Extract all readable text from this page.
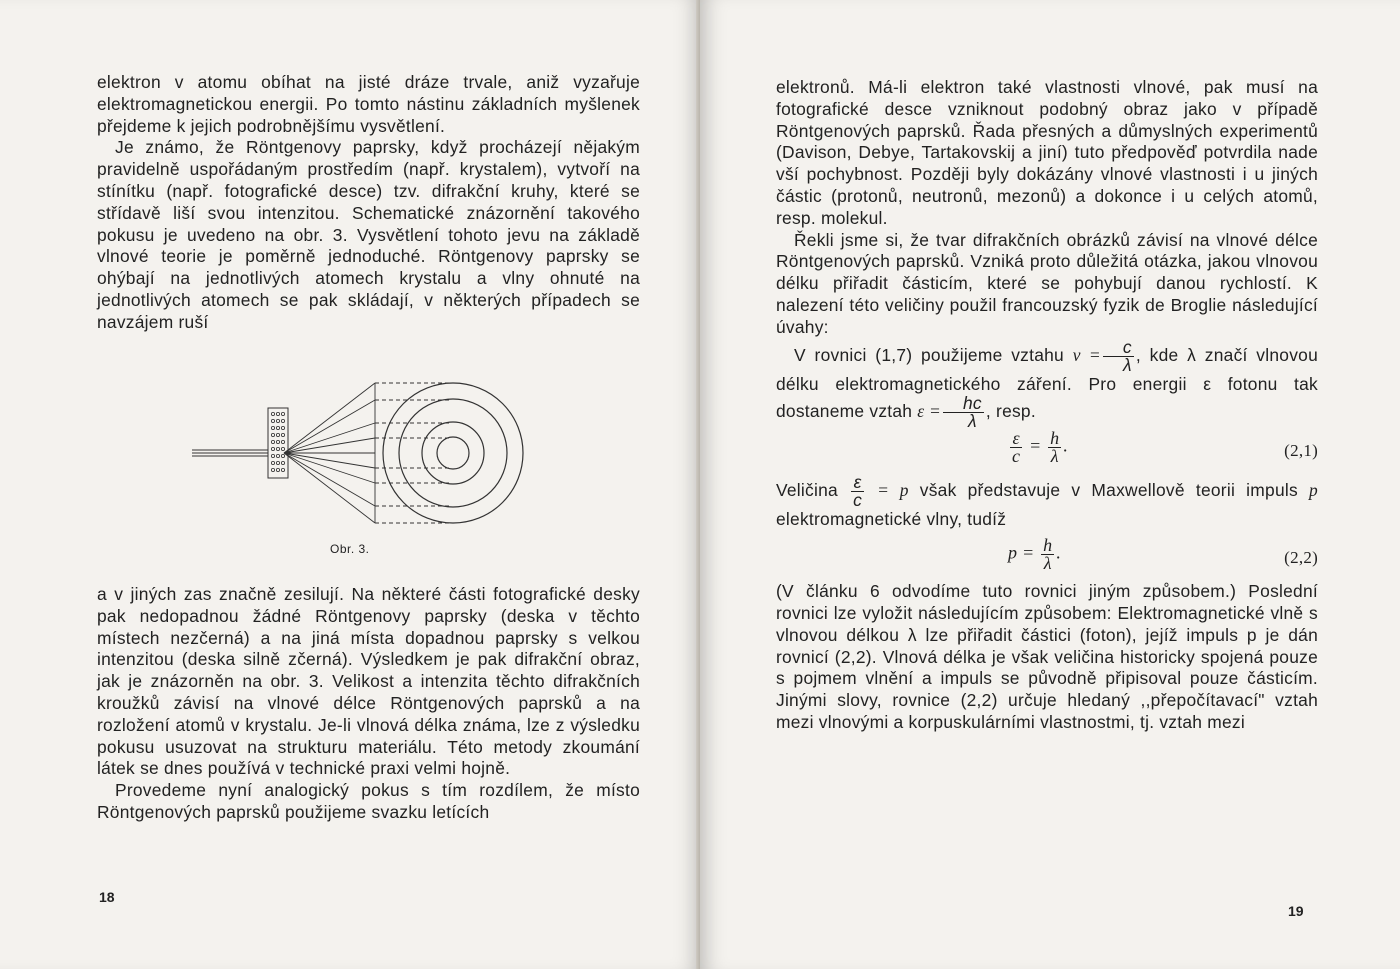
elektron v atomu obíhat na jisté dráze trvale, aniž vyzařuje elektromagnetickou energii. Po tomto nástinu základních myšlenek přejdeme k jejich podrobnějšímu vysvětlení.

Je známo, že Röntgenovy paprsky, když procházejí nějakým pravidelně uspořádaným prostředím (např. krystalem), vytvoří na stínítku (např. fotografické desce) tzv. difrakční kruhy, které se střídavě liší svou intenzitou. Schematické znázornění takového pokusu je uvedeno na obr. 3. Vysvětlení tohoto jevu na základě vlnové teorie je poměrně jednoduché. Röntgenovy paprsky se ohýbají na jednotlivých atomech krystalu a vlny ohnuté na jednotlivých atomech se pak skládají, v některých případech se navzájem ruší

Obr. 3.

a v jiných zas značně zesilují. Na některé části fotografické desky pak nedopadnou žádné Röntgenovy paprsky (deska v těchto místech nezčerná) a na jiná místa dopadnou paprsky s velkou intenzitou (deska silně zčerná). Výsledkem je pak difrakční obraz, jak je znázorněn na obr. 3. Velikost a intenzita těchto difrakčních kroužků závisí na vlnové délce Röntgenových paprsků a na rozložení atomů v krystalu. Je-li vlnová délka známa, lze z výsledku pokusu usuzovat na strukturu materiálu. Této metody zkoumání látek se dnes používá v technické praxi velmi hojně.

Provedeme nyní analogický pokus s tím rozdílem, že místo Röntgenových paprsků použijeme svazku letících

18

elektronů. Má-li elektron také vlastnosti vlnové, pak musí na fotografické desce vzniknout podobný obraz jako v případě Röntgenových paprsků. Řada přesných a důmyslných experimentů (Davison, Debye, Tartakovskij a jiní) tuto předpověď potvrdila nade vší pochybnost. Později byly dokázány vlnové vlastnosti i u jiných částic (protonů, neutronů, mezonů) a dokonce i u celých atomů, resp. molekul.

Řekli jsme si, že tvar difrakčních obrázků závisí na vlnové délce Röntgenových paprsků. Vzniká proto důležitá otázka, jakou vlnovou délku přiřadit částicím, které se pohybují danou rychlostí. K nalezení této veličiny použil francouzský fyzik de Broglie následující úvahy:

V rovnici (1,7) použijeme vztahu $\nu = \frac{c}{\lambda}$ , kde λ značí vlnovou délku elektromagnetického záření. Pro energii ε fotonu tak dostaneme vztah $\varepsilon = \frac{hc}{\lambda}$ , resp.

$\frac{\varepsilon}{c} = \frac{h}{\lambda}$ .	(2,1)

Veličina $\frac{\varepsilon}{c} = p$ však představuje v Maxwellově teorii impuls p elektromagnetické vlny, tudíž

$p = \frac{h}{\lambda}$ .	(2,2)

(V článku 6 odvodíme tuto rovnici jiným způsobem.) Poslední rovnici lze vyložit následujícím způsobem: Elektromagnetické vlně s vlnovou délkou λ lze přiřadit částici (foton), jejíž impuls p je dán rovnicí (2,2). Vlnová délka je však veličina historicky spojená pouze s pojmem vlnění a impuls se původně připisoval pouze částicím. Jinými slovy, rovnice (2,2) určuje hledaný ,,přepočítavací" vztah mezi vlnovými a korpuskulárními vlastnostmi, tj. vztah mezi

19
